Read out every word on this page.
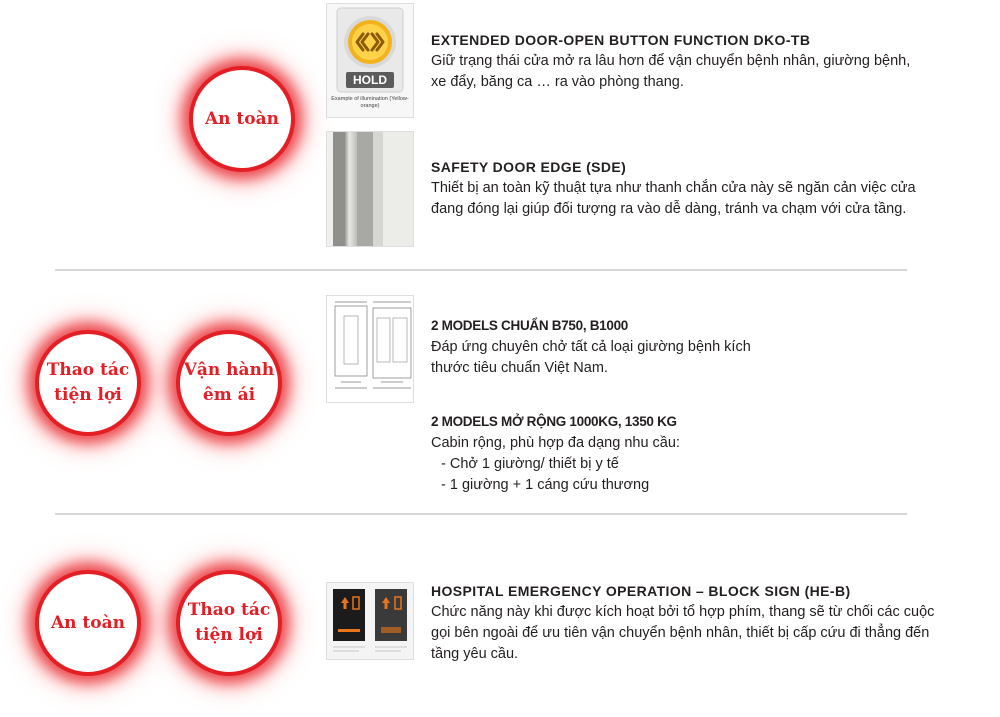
An toàn
HOLD
Example of illumination (Yellow-orange)
EXTENDED DOOR-OPEN BUTTON FUNCTION DKO-TB
Giữ trạng thái cửa mở ra lâu hơn để vận chuyển bệnh nhân, giường bệnh,
xe đẩy, băng ca … ra vào phòng thang.
SAFETY DOOR EDGE (SDE)
Thiết bị an toàn kỹ thuật tựa như thanh chắn cửa này sẽ ngăn cản việc cửa
đang đóng lại giúp đối tượng ra vào dễ dàng, tránh va chạm với cửa tầng.
Thao tác
tiện lợi
Vận hành
êm ái
2 MODELS CHUẨN B750, B1000
Đáp ứng chuyên chở tất cả loại giường bệnh kích
thước tiêu chuẩn Việt Nam.
2 MODELS MỞ RỘNG 1000KG, 1350 KG
Cabin rộng, phù hợp đa dạng nhu cầu:
- Chở 1 giường/ thiết bị y tế
- 1 giường + 1 cáng cứu thương
An toàn
Thao tác
tiện lợi
HOSPITAL EMERGENCY OPERATION – BLOCK SIGN (HE-B)
Chức năng này khi được kích hoạt bởi tổ hợp phím, thang sẽ từ chối các cuộc
gọi bên ngoài để ưu tiên vận chuyển bệnh nhân, thiết bị cấp cứu đi thẳng đến
tầng yêu cầu.
